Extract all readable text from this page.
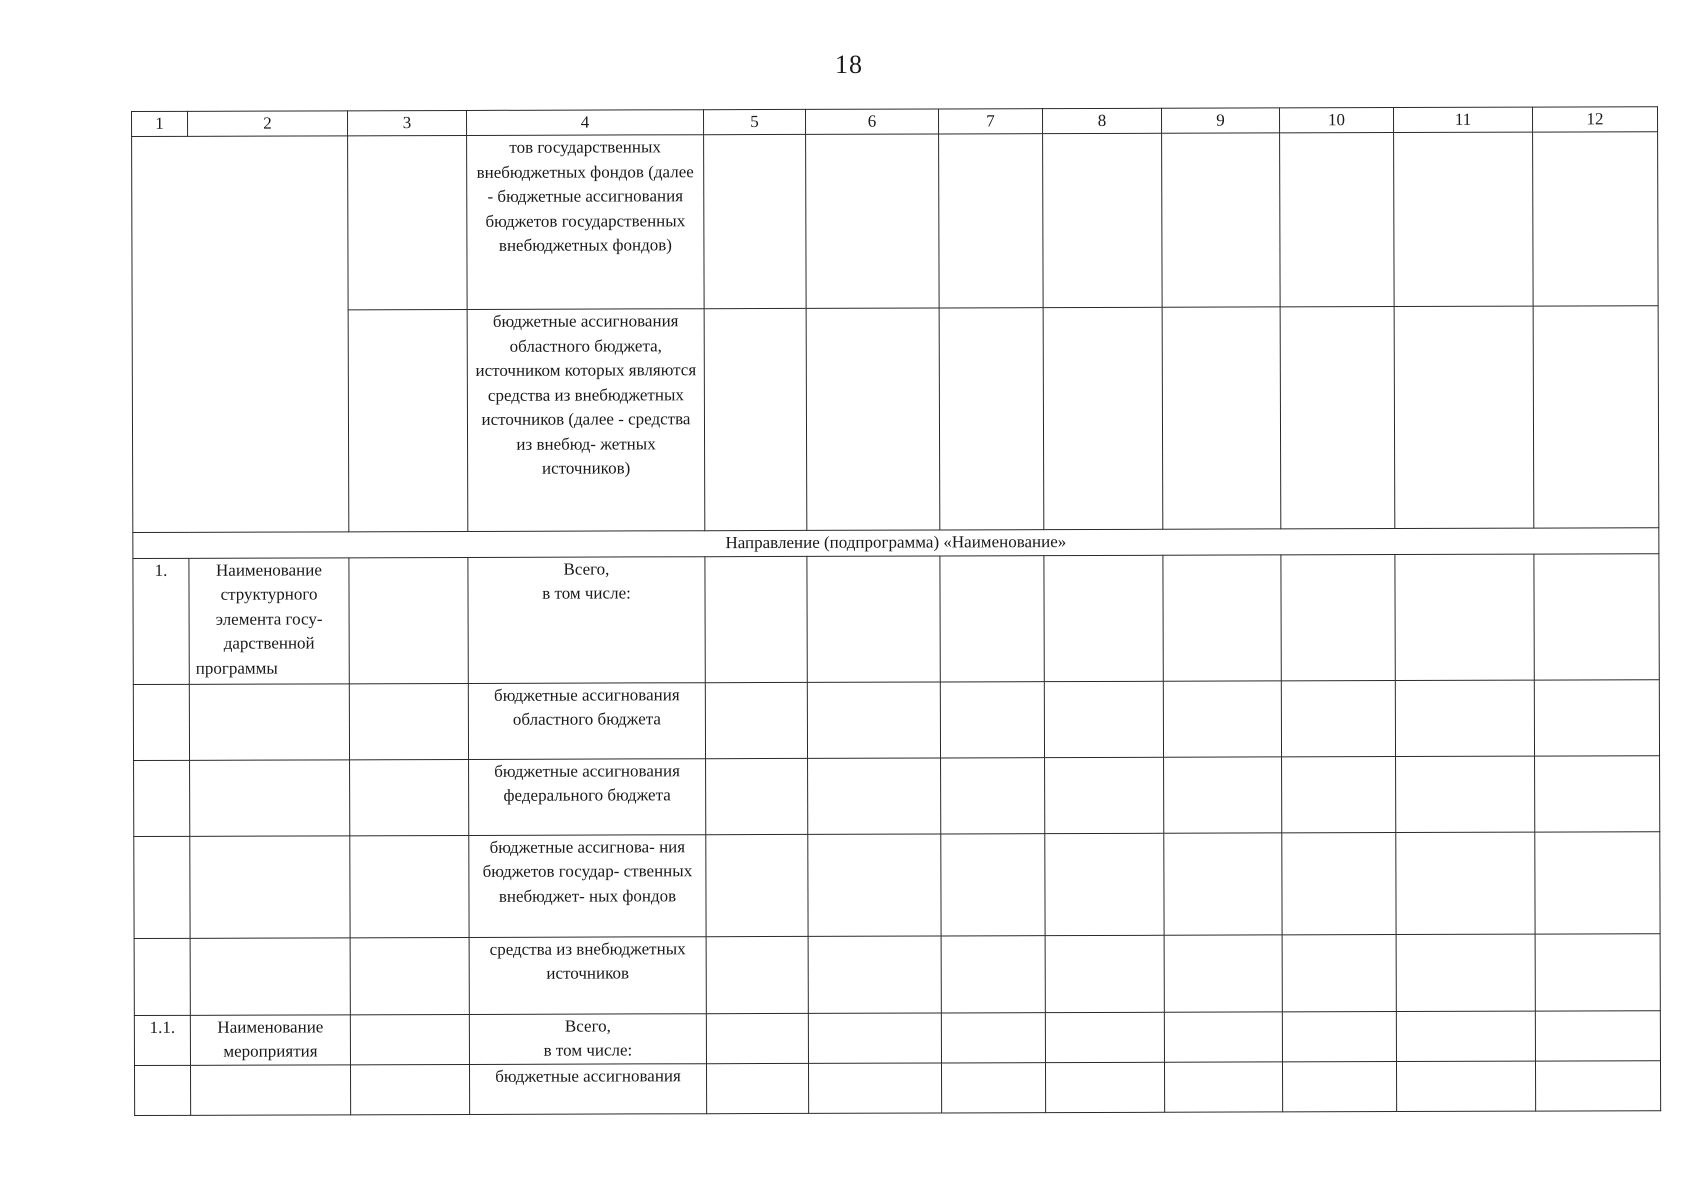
18
1	2	3	4	5	6	7	8	9	10	11	12
			тов государственных внебюджетных фондов (далее - бюджетные ассигнования бюджетов государственных внебюджетных фондов)								
			бюджетные ассигнования областного бюджета, источником которых являются средства из внебюджетных источников (далее - средства из внебюд- жетных источников)								
Направление (подпрограмма) «Наименование»											
1.	Наименование структурного элемента госу- дарственной программы		Всего,
в том числе:								

			бюджетные ассигнования областного бюджета								
			бюджетные ассигнования федерального бюджета								
			бюджетные ассигнова- ния бюджетов государ- ственных внебюджет- ных фондов								
			средства из внебюджетных источников								
1.1.	Наименование мероприятия		Всего,
в том числе:								

			бюджетные ассигнования								
